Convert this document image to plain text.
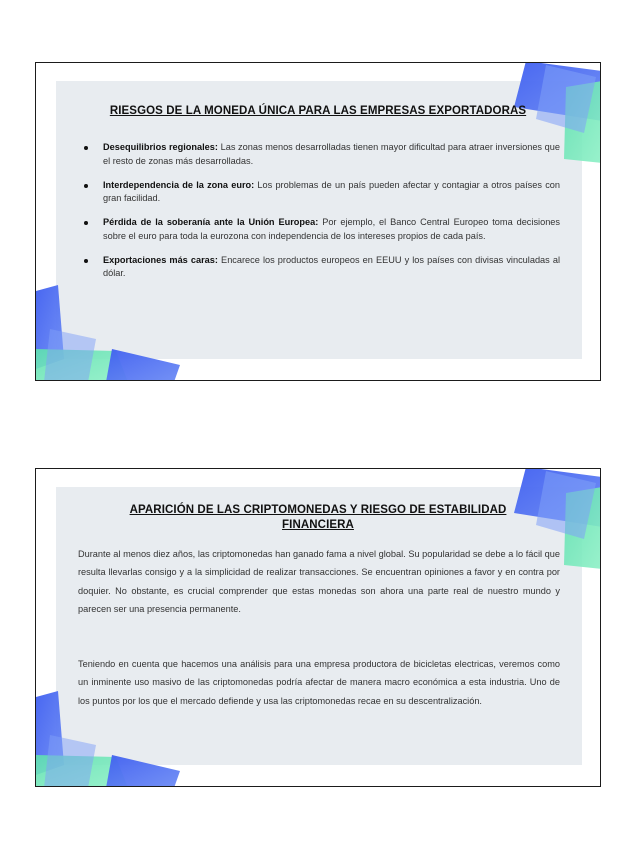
RIESGOS DE LA MONEDA ÚNICA PARA LAS EMPRESAS EXPORTADORAS
Desequilibrios regionales: Las zonas menos desarrolladas tienen mayor dificultad para atraer inversiones que el resto de zonas más desarrolladas.
Interdependencia de la zona euro: Los problemas de un país pueden afectar y contagiar a otros países con gran facilidad.
Pérdida de la soberanía ante la Unión Europea: Por ejemplo, el Banco Central Europeo toma decisiones sobre el euro para toda la eurozona con independencia de los intereses propios de cada país.
Exportaciones más caras: Encarece los productos europeos en EEUU y los países con divisas vinculadas al dólar.
APARICIÓN DE LAS CRIPTOMONEDAS Y RIESGO DE ESTABILIDAD FINANCIERA

Durante al menos diez años, las criptomonedas han ganado fama a nivel global. Su popularidad se debe a lo fácil que resulta llevarlas consigo y a la simplicidad de realizar transacciones. Se encuentran opiniones a favor y en contra por doquier. No obstante, es crucial comprender que estas monedas son ahora una parte real de nuestro mundo y parecen ser una presencia permanente.

Teniendo en cuenta que hacemos una análisis para una empresa productora de bicicletas electricas, veremos como un inminente uso masivo de las criptomonedas podría afectar de manera macro económica a esta industria. Uno de los puntos por los que el mercado defiende y usa las criptomonedas recae en su descentralización.
